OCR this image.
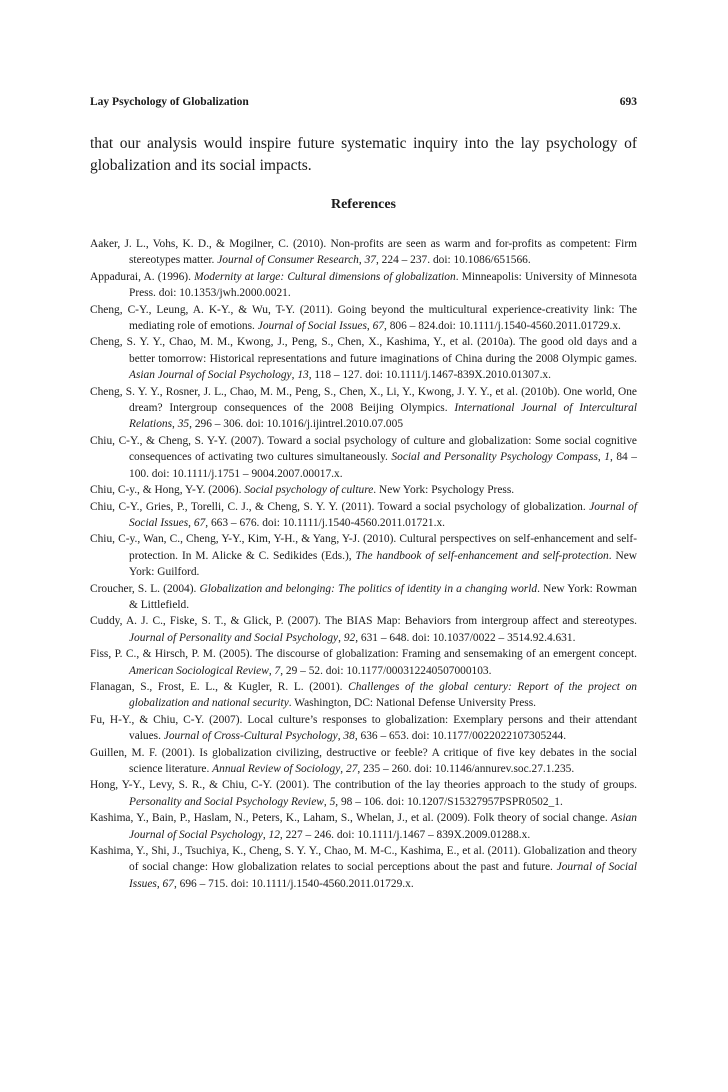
Lay Psychology of Globalization	693

that our analysis would inspire future systematic inquiry into the lay psychology of globalization and its social impacts.

References
Aaker, J. L., Vohs, K. D., & Mogilner, C. (2010). Non-profits are seen as warm and for-profits as competent: Firm stereotypes matter. Journal of Consumer Research, 37, 224 – 237. doi: 10.1086/651566.
Appadurai, A. (1996). Modernity at large: Cultural dimensions of globalization. Minneapolis: University of Minnesota Press. doi: 10.1353/jwh.2000.0021.
Cheng, C-Y., Leung, A. K-Y., & Wu, T-Y. (2011). Going beyond the multicultural experience-creativity link: The mediating role of emotions. Journal of Social Issues, 67, 806 – 824.doi: 10.1111/j.1540-4560.2011.01729.x.
Cheng, S. Y. Y., Chao, M. M., Kwong, J., Peng, S., Chen, X., Kashima, Y., et al. (2010a). The good old days and a better tomorrow: Historical representations and future imaginations of China during the 2008 Olympic games. Asian Journal of Social Psychology, 13, 118 – 127. doi: 10.1111/j.1467-839X.2010.01307.x.
Cheng, S. Y. Y., Rosner, J. L., Chao, M. M., Peng, S., Chen, X., Li, Y., Kwong, J. Y. Y., et al. (2010b). One world, One dream? Intergroup consequences of the 2008 Beijing Olympics. International Journal of Intercultural Relations, 35, 296 – 306. doi: 10.1016/j.ijintrel.2010.07.005
Chiu, C-Y., & Cheng, S. Y-Y. (2007). Toward a social psychology of culture and globalization: Some social cognitive consequences of activating two cultures simultaneously. Social and Personality Psychology Compass, 1, 84 – 100. doi: 10.1111/j.1751 – 9004.2007.00017.x.
Chiu, C-y., & Hong, Y-Y. (2006). Social psychology of culture. New York: Psychology Press.
Chiu, C-Y., Gries, P., Torelli, C. J., & Cheng, S. Y. Y. (2011). Toward a social psychology of globalization. Journal of Social Issues, 67, 663 – 676. doi: 10.1111/j.1540-4560.2011.01721.x.
Chiu, C-y., Wan, C., Cheng, Y-Y., Kim, Y-H., & Yang, Y-J. (2010). Cultural perspectives on self-enhancement and self-protection. In M. Alicke & C. Sedikides (Eds.), The handbook of self-enhancement and self-protection. New York: Guilford.
Croucher, S. L. (2004). Globalization and belonging: The politics of identity in a changing world. New York: Rowman & Littlefield.
Cuddy, A. J. C., Fiske, S. T., & Glick, P. (2007). The BIAS Map: Behaviors from intergroup affect and stereotypes. Journal of Personality and Social Psychology, 92, 631 – 648. doi: 10.1037/0022 – 3514.92.4.631.
Fiss, P. C., & Hirsch, P. M. (2005). The discourse of globalization: Framing and sensemaking of an emergent concept. American Sociological Review, 7, 29 – 52. doi: 10.1177/000312240507000103.
Flanagan, S., Frost, E. L., & Kugler, R. L. (2001). Challenges of the global century: Report of the project on globalization and national security. Washington, DC: National Defense University Press.
Fu, H-Y., & Chiu, C-Y. (2007). Local culture’s responses to globalization: Exemplary persons and their attendant values. Journal of Cross-Cultural Psychology, 38, 636 – 653. doi: 10.1177/0022022107305244.
Guillen, M. F. (2001). Is globalization civilizing, destructive or feeble? A critique of five key debates in the social science literature. Annual Review of Sociology, 27, 235 – 260. doi: 10.1146/annurev.soc.27.1.235.
Hong, Y-Y., Levy, S. R., & Chiu, C-Y. (2001). The contribution of the lay theories approach to the study of groups. Personality and Social Psychology Review, 5, 98 – 106. doi: 10.1207/S15327957PSPR0502_1.
Kashima, Y., Bain, P., Haslam, N., Peters, K., Laham, S., Whelan, J., et al. (2009). Folk theory of social change. Asian Journal of Social Psychology, 12, 227 – 246. doi: 10.1111/j.1467 – 839X.2009.01288.x.
Kashima, Y., Shi, J., Tsuchiya, K., Cheng, S. Y. Y., Chao, M. M-C., Kashima, E., et al. (2011). Globalization and theory of social change: How globalization relates to social perceptions about the past and future. Journal of Social Issues, 67, 696 – 715. doi: 10.1111/j.1540-4560.2011.01729.x.
